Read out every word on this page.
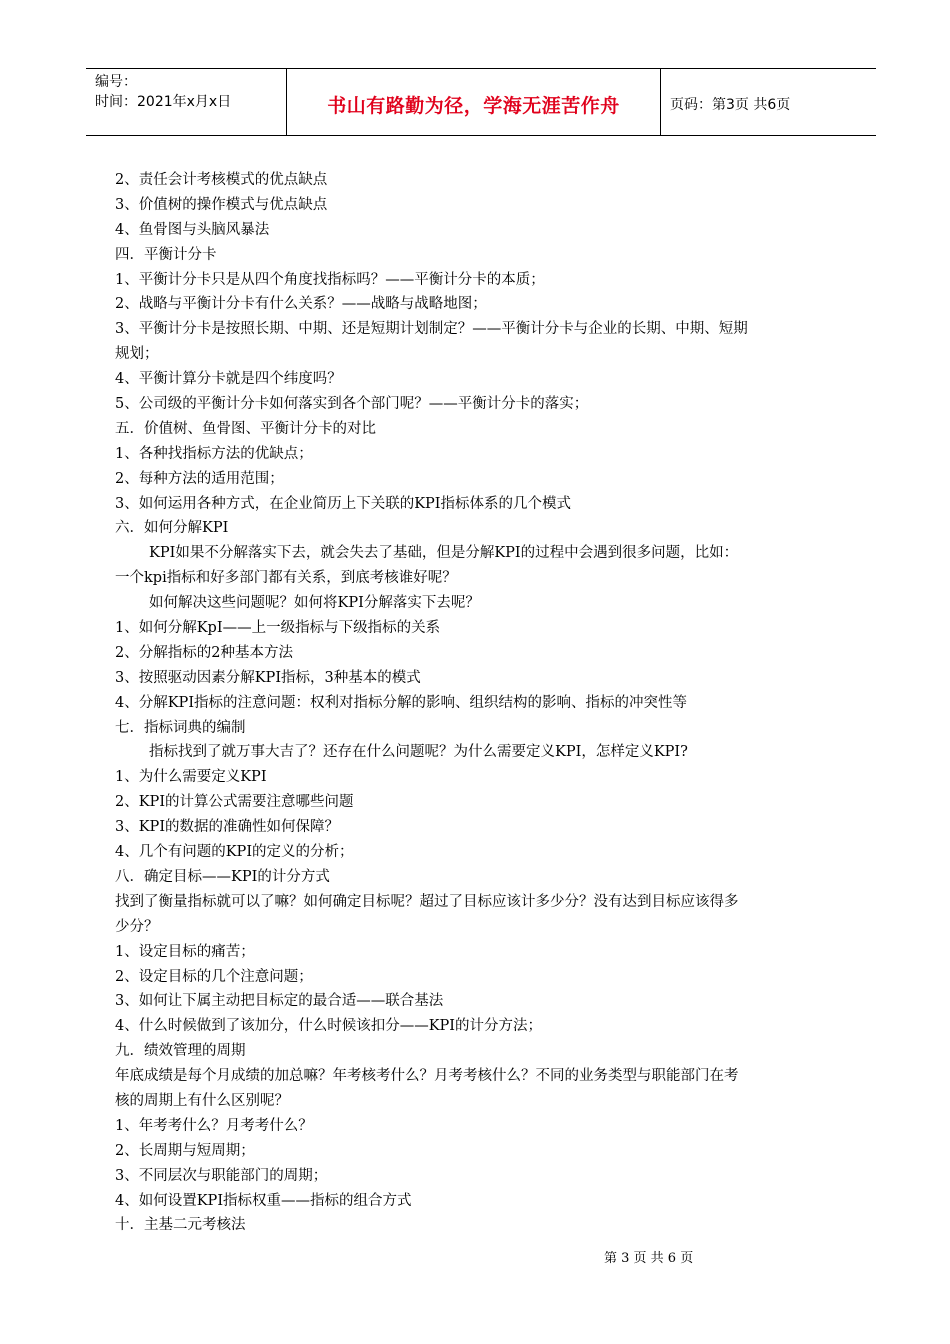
编号：
时间：2021年x月x日	书山有路勤为径，学海无涯苦作舟	页码：第3页 共6页
2、责任会计考核模式的优点缺点
3、价值树的操作模式与优点缺点
4、鱼骨图与头脑风暴法
四．平衡计分卡
1、平衡计分卡只是从四个角度找指标吗？——平衡计分卡的本质；
2、战略与平衡计分卡有什么关系？——战略与战略地图；
3、平衡计分卡是按照长期、中期、还是短期计划制定？——平衡计分卡与企业的长期、中期、短期
规划；
4、平衡计算分卡就是四个纬度吗？
5、公司级的平衡计分卡如何落实到各个部门呢？——平衡计分卡的落实；
五．价值树、鱼骨图、平衡计分卡的对比
1、各种找指标方法的优缺点；
2、每种方法的适用范围；
3、如何运用各种方式，在企业简历上下关联的KPI指标体系的几个模式
六．如何分解KPI
KPI如果不分解落实下去，就会失去了基础，但是分解KPI的过程中会遇到很多问题，比如：
一个kpi指标和好多部门都有关系，到底考核谁好呢？
如何解决这些问题呢？如何将KPI分解落实下去呢？
1、如何分解KpI——上一级指标与下级指标的关系
2、分解指标的2种基本方法
3、按照驱动因素分解KPI指标，3种基本的模式
4、分解KPI指标的注意问题：权利对指标分解的影响、组织结构的影响、指标的冲突性等
七．指标词典的编制
指标找到了就万事大吉了？还存在什么问题呢？为什么需要定义KPI，怎样定义KPI?
1、为什么需要定义KPI
2、KPI的计算公式需要注意哪些问题
3、KPI的数据的准确性如何保障？
4、几个有问题的KPI的定义的分析；
八．确定目标——KPI的计分方式
找到了衡量指标就可以了嘛？如何确定目标呢？超过了目标应该计多少分？没有达到目标应该得多
少分？
1、设定目标的痛苦；
2、设定目标的几个注意问题；
3、如何让下属主动把目标定的最合适——联合基法
4、什么时候做到了该加分，什么时候该扣分——KPI的计分方法；
九．绩效管理的周期
年底成绩是每个月成绩的加总嘛？年考核考什么？月考考核什么？不同的业务类型与职能部门在考
核的周期上有什么区别呢？
1、年考考什么？月考考什么？
2、长周期与短周期；
3、不同层次与职能部门的周期；
4、如何设置KPI指标权重——指标的组合方式
十．主基二元考核法
第 3 页 共 6 页
